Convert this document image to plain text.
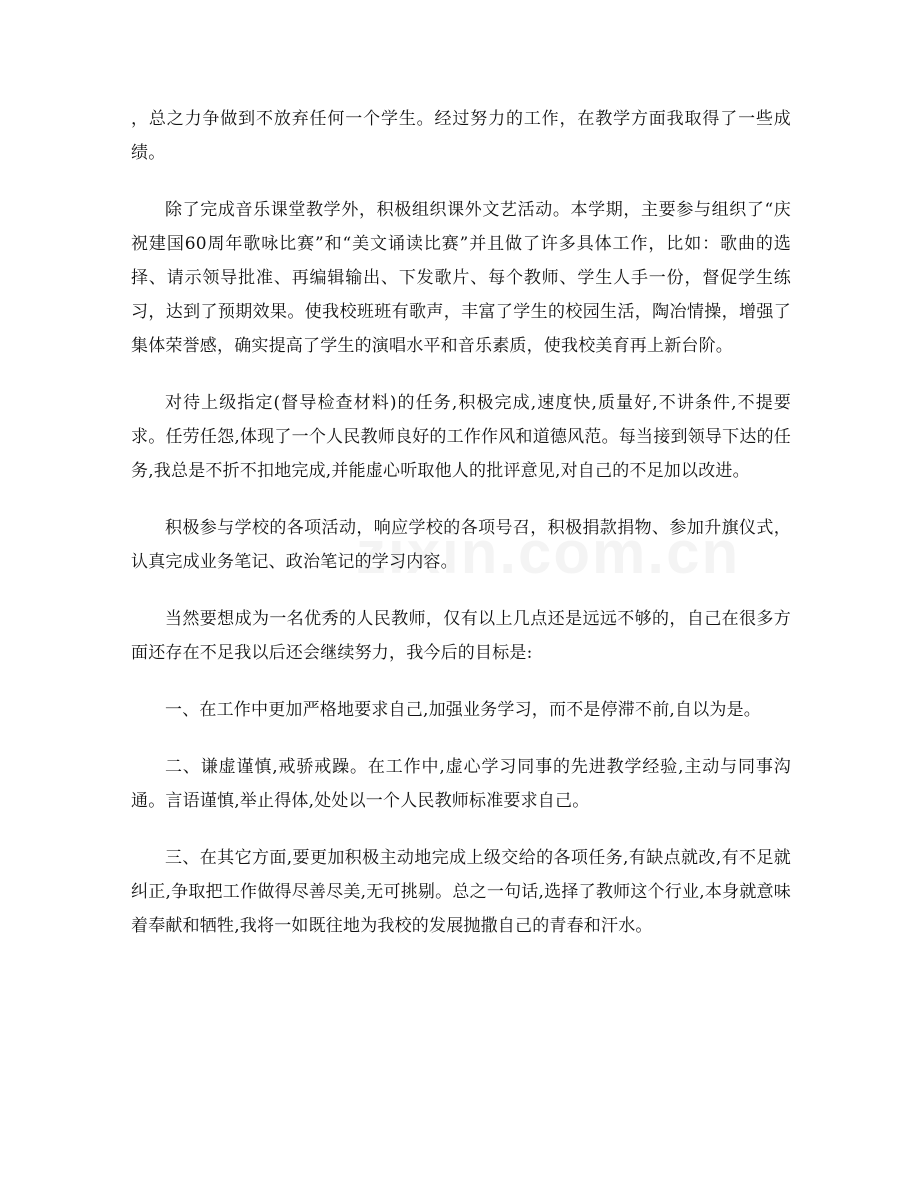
，总之力争做到不放弃任何一个学生。经过努力的工作，在教学方面我取得了一些成绩。

除了完成音乐课堂教学外，积极组织课外文艺活动。本学期，主要参与组织了“庆祝建国60周年歌咏比赛”和“美文诵读比赛”并且做了许多具体工作，比如：歌曲的选择、请示领导批准、再编辑输出、下发歌片、每个教师、学生人手一份，督促学生练习，达到了预期效果。使我校班班有歌声，丰富了学生的校园生活，陶冶情操，增强了集体荣誉感，确实提高了学生的演唱水平和音乐素质，使我校美育再上新台阶。

对待上级指定(督导检查材料)的任务,积极完成,速度快,质量好,不讲条件,不提要求。任劳任怨,体现了一个人民教师良好的工作作风和道德风范。每当接到领导下达的任务,我总是不折不扣地完成,并能虚心听取他人的批评意见,对自己的不足加以改进。

积极参与学校的各项活动，响应学校的各项号召，积极捐款捐物、参加升旗仪式，认真完成业务笔记、政治笔记的学习内容。

当然要想成为一名优秀的人民教师，仅有以上几点还是远远不够的，自己在很多方面还存在不足我以后还会继续努力，我今后的目标是:

一、在工作中更加严格地要求自己,加强业务学习，而不是停滞不前,自以为是。

二、谦虚谨慎,戒骄戒躁。在工作中,虚心学习同事的先进教学经验,主动与同事沟通。言语谨慎,举止得体,处处以一个人民教师标准要求自己。

三、在其它方面,要更加积极主动地完成上级交给的各项任务,有缺点就改,有不足就纠正,争取把工作做得尽善尽美,无可挑剔。总之一句话,选择了教师这个行业,本身就意味着奉献和牺牲,我将一如既往地为我校的发展抛撒自己的青春和汗水。
